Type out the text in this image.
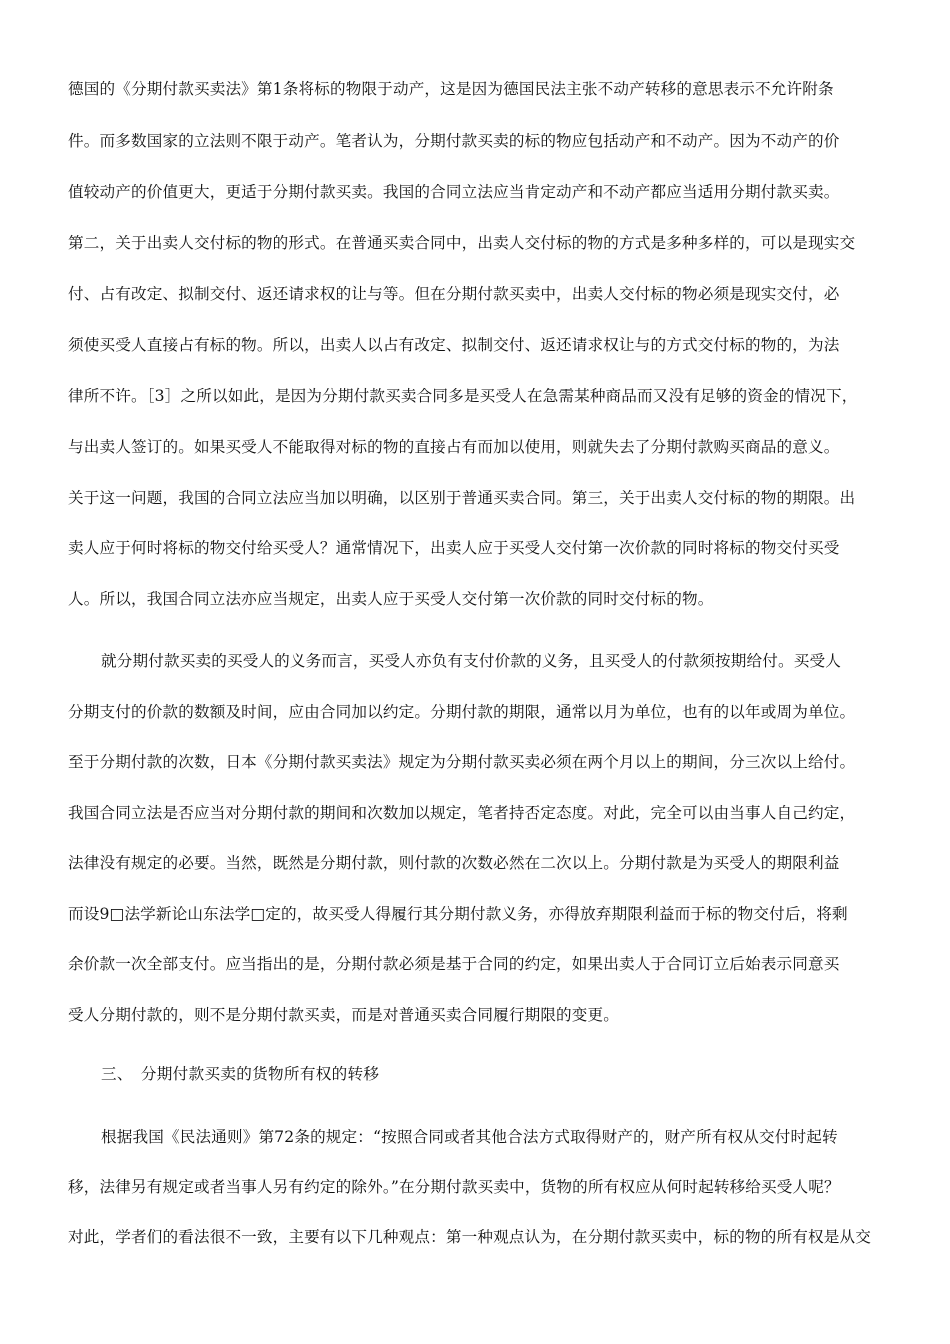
德国的《分期付款买卖法》第1条将标的物限于动产，这是因为德国民法主张不动产转移的意思表示不允许附条
件。而多数国家的立法则不限于动产。笔者认为，分期付款买卖的标的物应包括动产和不动产。因为不动产的价
值较动产的价值更大，更适于分期付款买卖。我国的合同立法应当肯定动产和不动产都应当适用分期付款买卖。
第二，关于出卖人交付标的物的形式。在普通买卖合同中，出卖人交付标的物的方式是多种多样的，可以是现实交
付、占有改定、拟制交付、返还请求权的让与等。但在分期付款买卖中，出卖人交付标的物必须是现实交付，必
须使买受人直接占有标的物。所以，出卖人以占有改定、拟制交付、返还请求权让与的方式交付标的物的，为法
律所不许。［3］之所以如此，是因为分期付款买卖合同多是买受人在急需某种商品而又没有足够的资金的情况下，
与出卖人签订的。如果买受人不能取得对标的物的直接占有而加以使用，则就失去了分期付款购买商品的意义。
关于这一问题，我国的合同立法应当加以明确，以区别于普通买卖合同。第三，关于出卖人交付标的物的期限。出
卖人应于何时将标的物交付给买受人？通常情况下，出卖人应于买受人交付第一次价款的同时将标的物交付买受
人。所以，我国合同立法亦应当规定，出卖人应于买受人交付第一次价款的同时交付标的物。
就分期付款买卖的买受人的义务而言，买受人亦负有支付价款的义务，且买受人的付款须按期给付。买受人
分期支付的价款的数额及时间，应由合同加以约定。分期付款的期限，通常以月为单位，也有的以年或周为单位。
至于分期付款的次数，日本《分期付款买卖法》规定为分期付款买卖必须在两个月以上的期间，分三次以上给付。
我国合同立法是否应当对分期付款的期间和次数加以规定，笔者持否定态度。对此，完全可以由当事人自己约定，
法律没有规定的必要。当然，既然是分期付款，则付款的次数必然在二次以上。分期付款是为买受人的期限利益
而设9□法学新论山东法学□定的，故买受人得履行其分期付款义务，亦得放弃期限利益而于标的物交付后，将剩
余价款一次全部支付。应当指出的是，分期付款必须是基于合同的约定，如果出卖人于合同订立后始表示同意买
受人分期付款的，则不是分期付款买卖，而是对普通买卖合同履行期限的变更。
三、　分期付款买卖的货物所有权的转移
根据我国《民法通则》第72条的规定：“按照合同或者其他合法方式取得财产的，财产所有权从交付时起转
移，法律另有规定或者当事人另有约定的除外。”在分期付款买卖中，货物的所有权应从何时起转移给买受人呢？
对此，学者们的看法很不一致，主要有以下几种观点：第一种观点认为，在分期付款买卖中，标的物的所有权是从交
